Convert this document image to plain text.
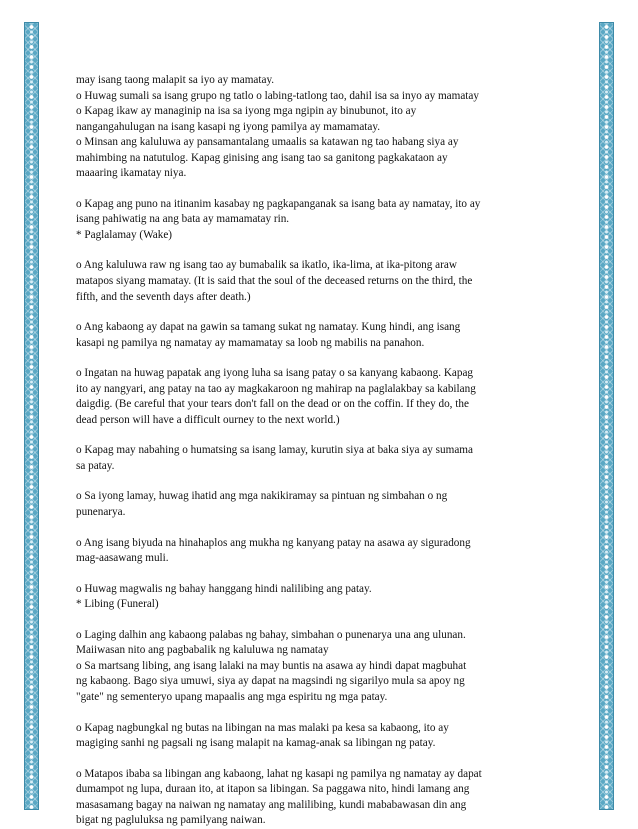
may isang taong malapit sa iyo ay mamatay.
o Huwag sumali sa isang grupo ng tatlo o labing-tatlong tao, dahil isa sa inyo ay mamatay
o Kapag ikaw ay managinip na isa sa iyong mga ngipin ay binubunot, ito ay
nangangahulugan na isang kasapi ng iyong pamilya ay mamamatay.
o Minsan ang kaluluwa ay pansamantalang umaalis sa katawan ng tao habang siya ay
mahimbing na natutulog. Kapag ginising ang isang tao sa ganitong pagkakataon ay
maaaring ikamatay niya.
o Kapag ang puno na itinanim kasabay ng pagkapanganak sa isang bata ay namatay, ito ay
isang pahiwatig na ang bata ay mamamatay rin.
* Paglalamay (Wake)
o Ang kaluluwa raw ng isang tao ay bumabalik sa ikatlo, ika-lima, at ika-pitong araw
matapos siyang mamatay. (It is said that the soul of the deceased returns on the third, the
fifth, and the seventh days after death.)
o Ang kabaong ay dapat na gawin sa tamang sukat ng namatay. Kung hindi, ang isang
kasapi ng pamilya ng namatay ay mamamatay sa loob ng mabilis na panahon.
o Ingatan na huwag papatak ang iyong luha sa isang patay o sa kanyang kabaong. Kapag
ito ay nangyari, ang patay na tao ay magkakaroon ng mahirap na paglalakbay sa kabilang
daigdig. (Be careful that your tears don't fall on the dead or on the coffin. If they do, the
dead person will have a difficult ourney to the next world.)
o Kapag may nabahing o humatsing sa isang lamay, kurutin siya at baka siya ay sumama
sa patay.
o Sa iyong lamay, huwag ihatid ang mga nakikiramay sa pintuan ng simbahan o ng
punenarya.
o Ang isang biyuda na hinahaplos ang mukha ng kanyang patay na asawa ay siguradong
mag-aasawang muli.
o Huwag magwalis ng bahay hanggang hindi nalilibing ang patay.
* Libing (Funeral)
o Laging dalhin ang kabaong palabas ng bahay, simbahan o punenarya una ang ulunan.
Maiiwasan nito ang pagbabalik ng kaluluwa ng namatay
o Sa martsang libing, ang isang lalaki na may buntis na asawa ay hindi dapat magbuhat
ng kabaong. Bago siya umuwi, siya ay dapat na magsindi ng sigarilyo mula sa apoy ng
"gate" ng sementeryo upang mapaalis ang mga espiritu ng mga patay.
o Kapag nagbungkal ng butas na libingan na mas malaki pa kesa sa kabaong, ito ay
magiging sanhi ng pagsali ng isang malapit na kamag-anak sa libingan ng patay.
o Matapos ibaba sa libingan ang kabaong, lahat ng kasapi ng pamilya ng namatay ay dapat
dumampot ng lupa, duraan ito, at itapon sa libingan. Sa paggawa nito, hindi lamang ang
masasamang bagay na naiwan ng namatay ang malilibing, kundi mababawasan din ang
bigat ng pagluluksa ng pamilyang naiwan.
